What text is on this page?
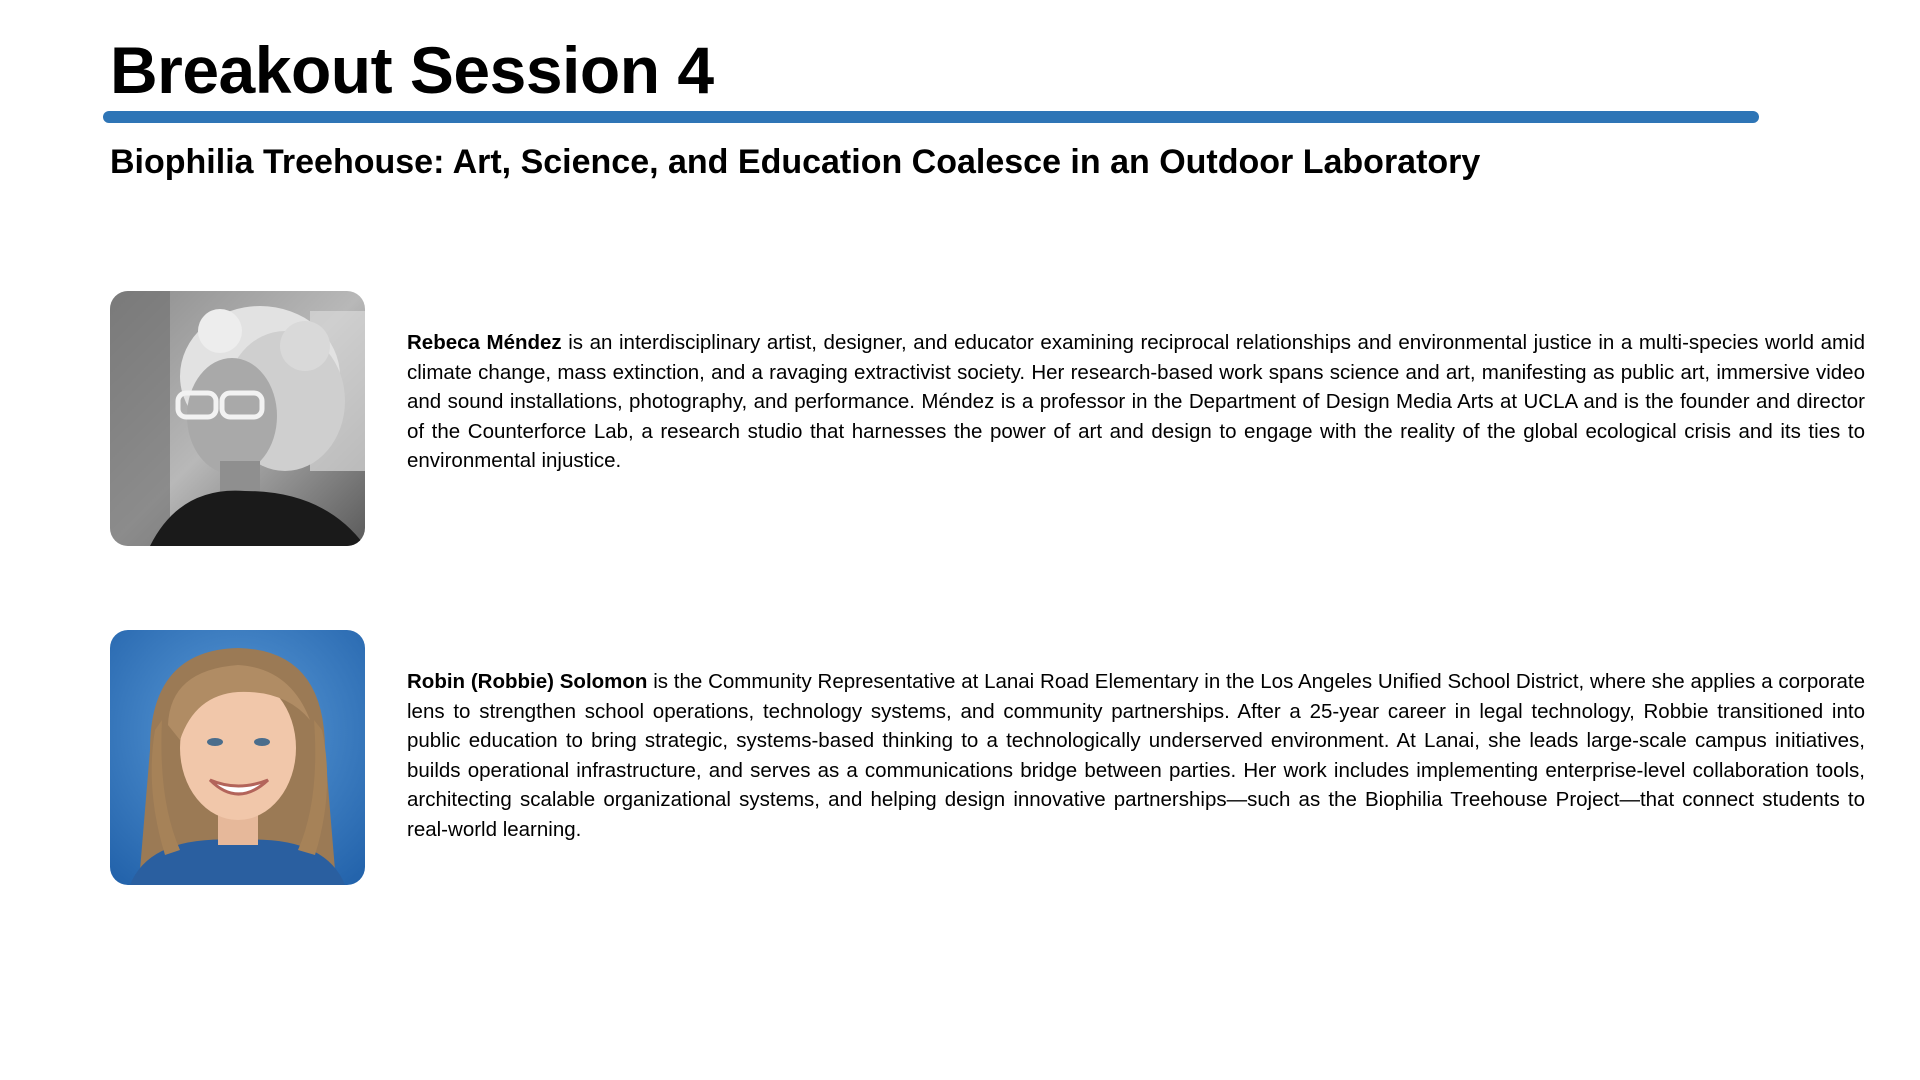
Breakout Session 4
Biophilia Treehouse: Art, Science, and Education Coalesce in an Outdoor Laboratory
Rebeca Méndez is an interdisciplinary artist, designer, and educator examining reciprocal relationships and environmental justice in a multi-species world amid climate change, mass extinction, and a ravaging extractivist society. Her research-based work spans science and art, manifesting as public art, immersive video and sound installations, photography, and performance. Méndez is a professor in the Department of Design Media Arts at UCLA and is the founder and director of the Counterforce Lab, a research studio that harnesses the power of art and design to engage with the reality of the global ecological crisis and its ties to environmental injustice.
Robin (Robbie) Solomon is the Community Representative at Lanai Road Elementary in the Los Angeles Unified School District, where she applies a corporate lens to strengthen school operations, technology systems, and community partnerships. After a 25-year career in legal technology, Robbie transitioned into public education to bring strategic, systems-based thinking to a technologically underserved environment. At Lanai, she leads large-scale campus initiatives, builds operational infrastructure, and serves as a communications bridge between parties. Her work includes implementing enterprise-level collaboration tools, architecting scalable organizational systems, and helping design innovative partnerships—such as the Biophilia Treehouse Project—that connect students to real-world learning.
